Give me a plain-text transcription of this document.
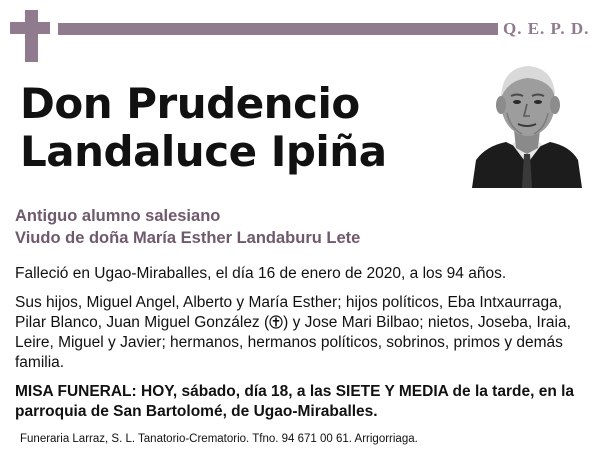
Q. E. P. D.
Don Prudencio
Landaluce Ipiña
Antiguo alumno salesiano
Viudo de doña María Esther Landaburu Lete

Falleció en Ugao-Miraballes, el día 16 de enero de 2020, a los 94 años.

Sus hijos, Miguel Angel, Alberto y María Esther; hijos políticos, Eba Intxaurraga, Pilar Blanco, Juan Miguel González ( ) y Jose Mari Bilbao; nietos, Joseba, Iraia, Leire, Miguel y Javier; hermanos, hermanos políticos, sobrinos, primos y demás familia.

MISA FUNERAL: HOY, sábado, día 18, a las SIETE Y MEDIA de la tarde, en la parroquia de San Bartolomé, de Ugao-Miraballes.

Funeraria Larraz, S. L. Tanatorio-Crematorio. Tfno. 94 671 00 61. Arrigorriaga.
